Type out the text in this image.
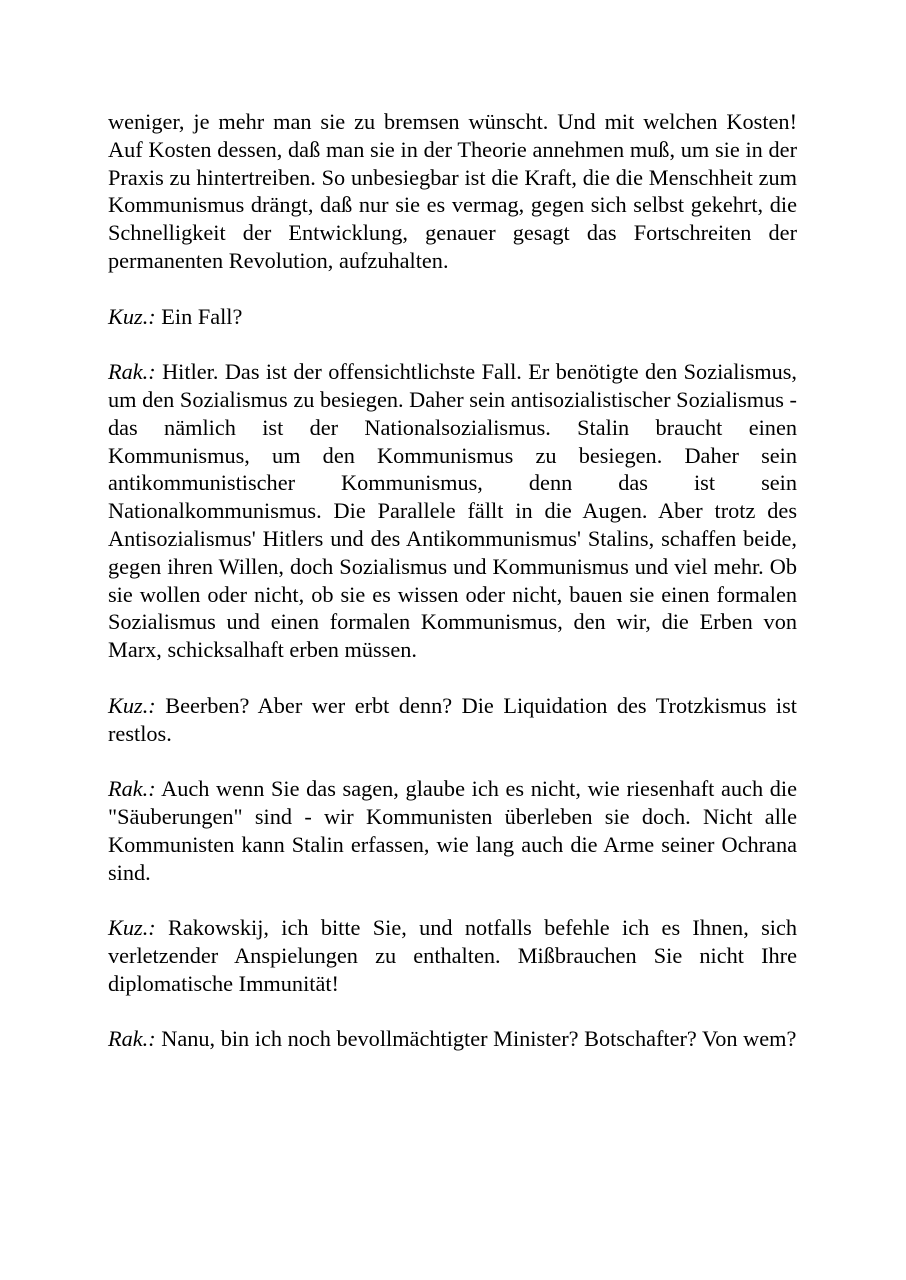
weniger, je mehr man sie zu bremsen wünscht. Und mit welchen Kosten! Auf Kosten dessen, daß man sie in der Theorie annehmen muß, um sie in der Praxis zu hintertreiben. So unbesiegbar ist die Kraft, die die Menschheit zum Kommunismus drängt, daß nur sie es vermag, gegen sich selbst gekehrt, die Schnelligkeit der Entwicklung, genauer gesagt das Fortschreiten der permanenten Revolution, aufzuhalten.

Kuz.: Ein Fall?

Rak.: Hitler. Das ist der offensichtlichste Fall. Er benötigte den Sozialismus, um den Sozialismus zu besiegen. Daher sein antisozialistischer Sozialismus - das nämlich ist der Nationalsozialismus. Stalin braucht einen Kommunismus, um den Kommunismus zu besiegen. Daher sein antikommunistischer Kommunismus, denn das ist sein Nationalkommunismus. Die Parallele fällt in die Augen. Aber trotz des Antisozialismus' Hitlers und des Antikommunismus' Stalins, schaffen beide, gegen ihren Willen, doch Sozialismus und Kommunismus und viel mehr. Ob sie wollen oder nicht, ob sie es wissen oder nicht, bauen sie einen formalen Sozialismus und einen formalen Kommunismus, den wir, die Erben von Marx, schicksalhaft erben müssen.

Kuz.: Beerben? Aber wer erbt denn? Die Liquidation des Trotzkismus ist restlos.

Rak.: Auch wenn Sie das sagen, glaube ich es nicht, wie riesenhaft auch die "Säuberungen" sind - wir Kommunisten überleben sie doch. Nicht alle Kommunisten kann Stalin erfassen, wie lang auch die Arme seiner Ochrana sind.

Kuz.: Rakowskij, ich bitte Sie, und notfalls befehle ich es Ihnen, sich verletzender Anspielungen zu enthalten. Mißbrauchen Sie nicht Ihre diplomatische Immunität!

Rak.: Nanu, bin ich noch bevollmächtigter Minister? Botschafter? Von wem?
